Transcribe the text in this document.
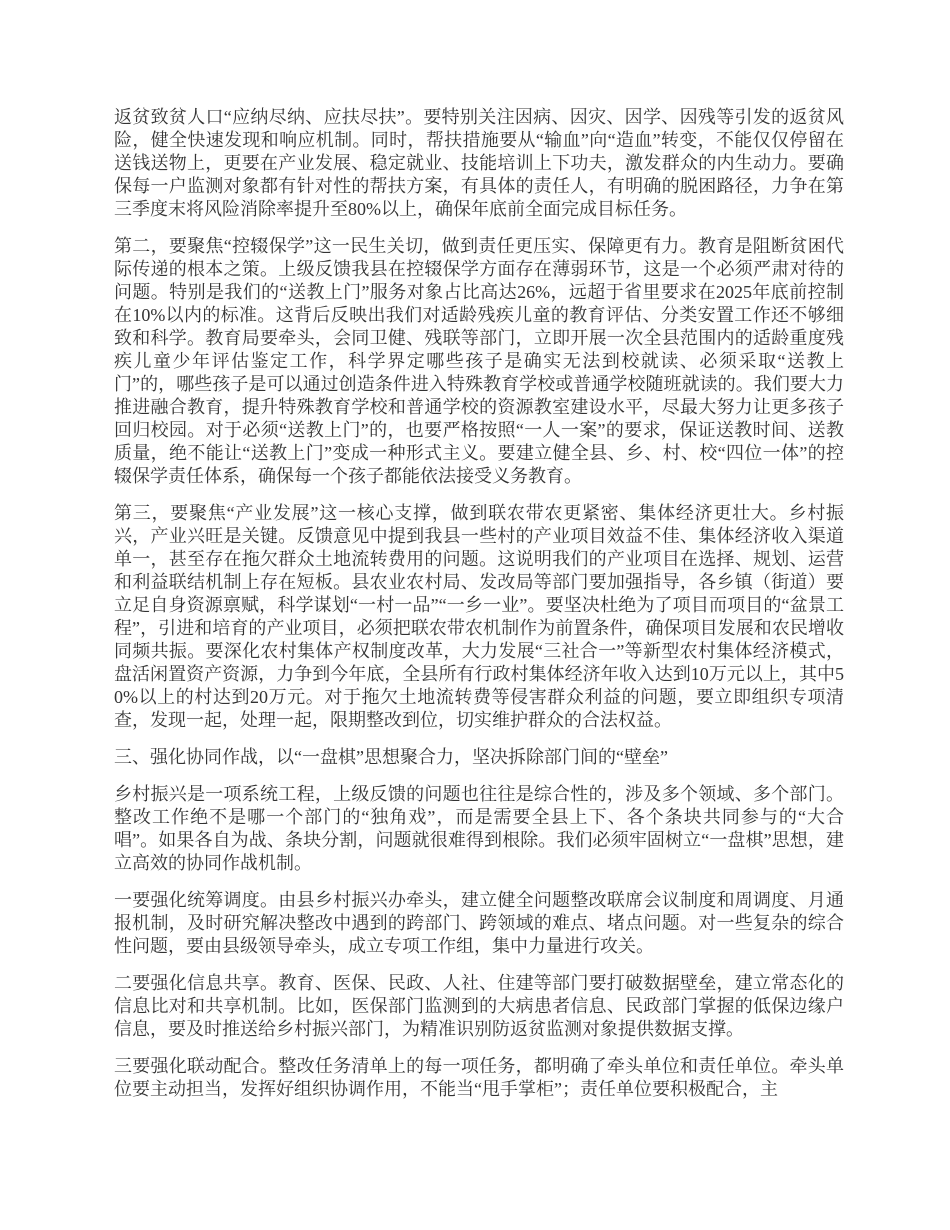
返贫致贫人口“应纳尽纳、应扶尽扶”。要特别关注因病、因灾、因学、因残等引发的返贫风险，健全快速发现和响应机制。同时，帮扶措施要从“输血”向“造血”转变，不能仅仅停留在送钱送物上，更要在产业发展、稳定就业、技能培训上下功夫，激发群众的内生动力。要确保每一户监测对象都有针对性的帮扶方案，有具体的责任人，有明确的脱困路径，力争在第三季度末将风险消除率提升至80%以上，确保年底前全面完成目标任务。

第二，要聚焦“控辍保学”这一民生关切，做到责任更压实、保障更有力。教育是阻断贫困代际传递的根本之策。上级反馈我县在控辍保学方面存在薄弱环节，这是一个必须严肃对待的问题。特别是我们的“送教上门”服务对象占比高达26%，远超于省里要求在2025年底前控制在10%以内的标准。这背后反映出我们对适龄残疾儿童的教育评估、分类安置工作还不够细致和科学。教育局要牵头，会同卫健、残联等部门，立即开展一次全县范围内的适龄重度残疾儿童少年评估鉴定工作，科学界定哪些孩子是确实无法到校就读、必须采取“送教上门”的，哪些孩子是可以通过创造条件进入特殊教育学校或普通学校随班就读的。我们要大力推进融合教育，提升特殊教育学校和普通学校的资源教室建设水平，尽最大努力让更多孩子回归校园。对于必须“送教上门”的，也要严格按照“一人一案”的要求，保证送教时间、送教质量，绝不能让“送教上门”变成一种形式主义。要建立健全县、乡、村、校“四位一体”的控辍保学责任体系，确保每一个孩子都能依法接受义务教育。

第三，要聚焦“产业发展”这一核心支撑，做到联农带农更紧密、集体经济更壮大。乡村振兴，产业兴旺是关键。反馈意见中提到我县一些村的产业项目效益不佳、集体经济收入渠道单一，甚至存在拖欠群众土地流转费用的问题。这说明我们的产业项目在选择、规划、运营和利益联结机制上存在短板。县农业农村局、发改局等部门要加强指导，各乡镇（街道）要立足自身资源禀赋，科学谋划“一村一品”“一乡一业”。要坚决杜绝为了项目而项目的“盆景工程”，引进和培育的产业项目，必须把联农带农机制作为前置条件，确保项目发展和农民增收同频共振。要深化农村集体产权制度改革，大力发展“三社合一”等新型农村集体经济模式，盘活闲置资产资源，力争到今年底，全县所有行政村集体经济年收入达到10万元以上，其中50%以上的村达到20万元。对于拖欠土地流转费等侵害群众利益的问题，要立即组织专项清查，发现一起，处理一起，限期整改到位，切实维护群众的合法权益。

三、强化协同作战，以“一盘棋”思想聚合力，坚决拆除部门间的“壁垒”

乡村振兴是一项系统工程，上级反馈的问题也往往是综合性的，涉及多个领域、多个部门。整改工作绝不是哪一个部门的“独角戏”，而是需要全县上下、各个条块共同参与的“大合唱”。如果各自为战、条块分割，问题就很难得到根除。我们必须牢固树立“一盘棋”思想，建立高效的协同作战机制。

一要强化统筹调度。由县乡村振兴办牵头，建立健全问题整改联席会议制度和周调度、月通报机制，及时研究解决整改中遇到的跨部门、跨领域的难点、堵点问题。对一些复杂的综合性问题，要由县级领导牵头，成立专项工作组，集中力量进行攻关。

二要强化信息共享。教育、医保、民政、人社、住建等部门要打破数据壁垒，建立常态化的信息比对和共享机制。比如，医保部门监测到的大病患者信息、民政部门掌握的低保边缘户信息，要及时推送给乡村振兴部门，为精准识别防返贫监测对象提供数据支撑。

三要强化联动配合。整改任务清单上的每一项任务，都明确了牵头单位和责任单位。牵头单位要主动担当，发挥好组织协调作用，不能当“甩手掌柜”；责任单位要积极配合，主
